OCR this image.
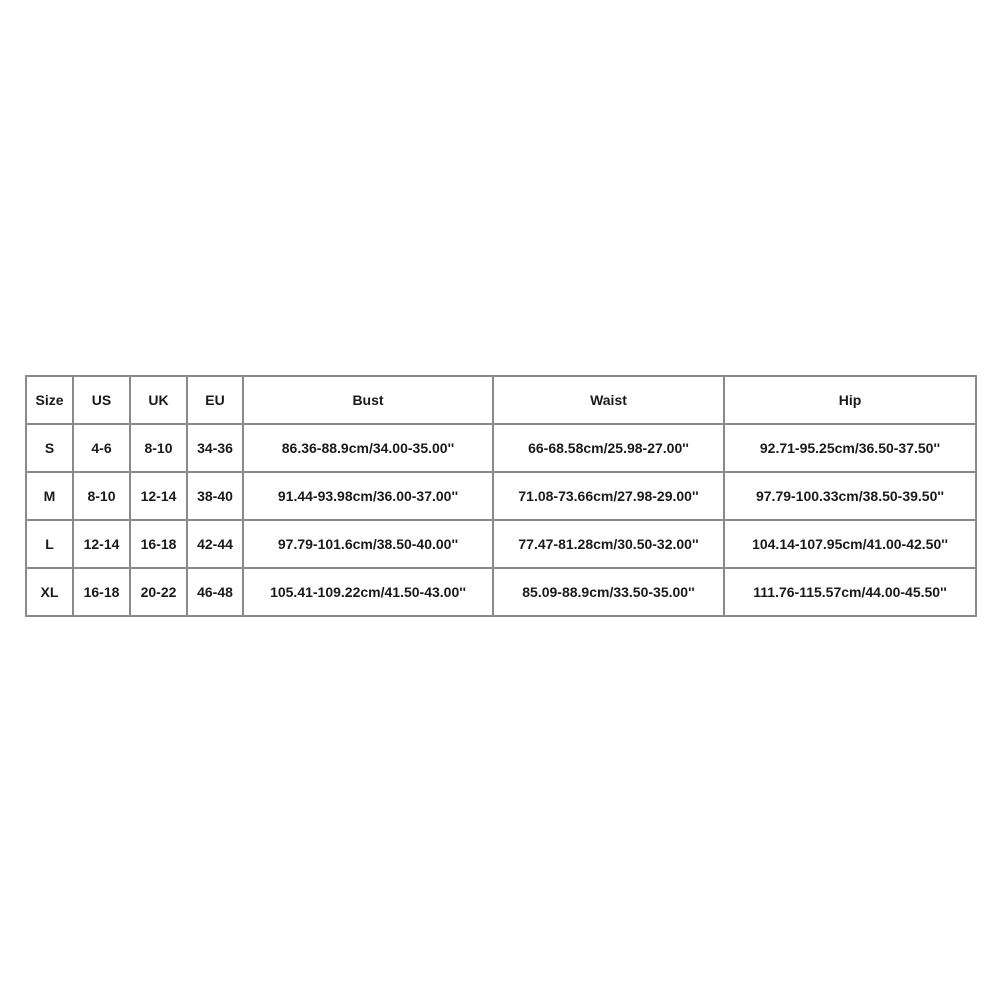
Size	US	UK	EU	Bust	Waist	Hip
S	4-6	8-10	34-36	86.36-88.9cm/34.00-35.00''	66-68.58cm/25.98-27.00''	92.71-95.25cm/36.50-37.50''
M	8-10	12-14	38-40	91.44-93.98cm/36.00-37.00''	71.08-73.66cm/27.98-29.00''	97.79-100.33cm/38.50-39.50''
L	12-14	16-18	42-44	97.79-101.6cm/38.50-40.00''	77.47-81.28cm/30.50-32.00''	104.14-107.95cm/41.00-42.50''
XL	16-18	20-22	46-48	105.41-109.22cm/41.50-43.00''	85.09-88.9cm/33.50-35.00''	111.76-115.57cm/44.00-45.50''
